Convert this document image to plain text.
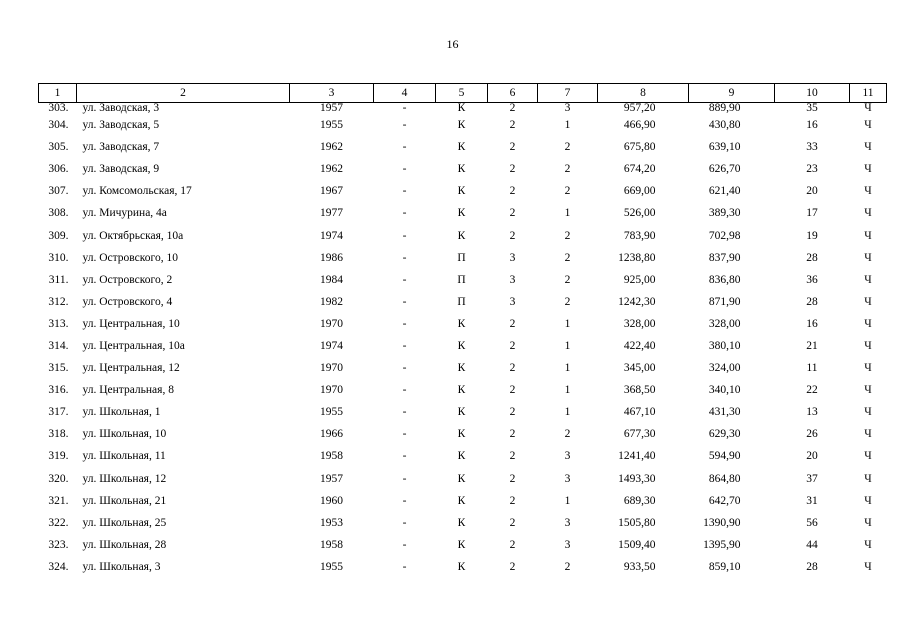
16
1	2	3	4	5	6	7	8	9	10	11
303.	ул. Заводская, 3	1957	-	К	2	3	957,20	889,90	35	Ч
304.	ул. Заводская, 5	1955	-	К	2	1	466,90	430,80	16	Ч
305.	ул. Заводская, 7	1962	-	К	2	2	675,80	639,10	33	Ч
306.	ул. Заводская, 9	1962	-	К	2	2	674,20	626,70	23	Ч
307.	ул. Комсомольская, 17	1967	-	К	2	2	669,00	621,40	20	Ч
308.	ул. Мичурина, 4а	1977	-	К	2	1	526,00	389,30	17	Ч
309.	ул. Октябрьская, 10а	1974	-	К	2	2	783,90	702,98	19	Ч
310.	ул. Островского, 10	1986	-	П	3	2	1238,80	837,90	28	Ч
311.	ул. Островского, 2	1984	-	П	3	2	925,00	836,80	36	Ч
312.	ул. Островского, 4	1982	-	П	3	2	1242,30	871,90	28	Ч
313.	ул. Центральная, 10	1970	-	К	2	1	328,00	328,00	16	Ч
314.	ул. Центральная, 10а	1974	-	К	2	1	422,40	380,10	21	Ч
315.	ул. Центральная, 12	1970	-	К	2	1	345,00	324,00	11	Ч
316.	ул. Центральная, 8	1970	-	К	2	1	368,50	340,10	22	Ч
317.	ул. Школьная, 1	1955	-	К	2	1	467,10	431,30	13	Ч
318.	ул. Школьная, 10	1966	-	К	2	2	677,30	629,30	26	Ч
319.	ул. Школьная, 11	1958	-	К	2	3	1241,40	594,90	20	Ч
320.	ул. Школьная, 12	1957	-	К	2	3	1493,30	864,80	37	Ч
321.	ул. Школьная, 21	1960	-	К	2	1	689,30	642,70	31	Ч
322.	ул. Школьная, 25	1953	-	К	2	3	1505,80	1390,90	56	Ч
323.	ул. Школьная, 28	1958	-	К	2	3	1509,40	1395,90	44	Ч
324.	ул. Школьная, 3	1955	-	К	2	2	933,50	859,10	28	Ч
